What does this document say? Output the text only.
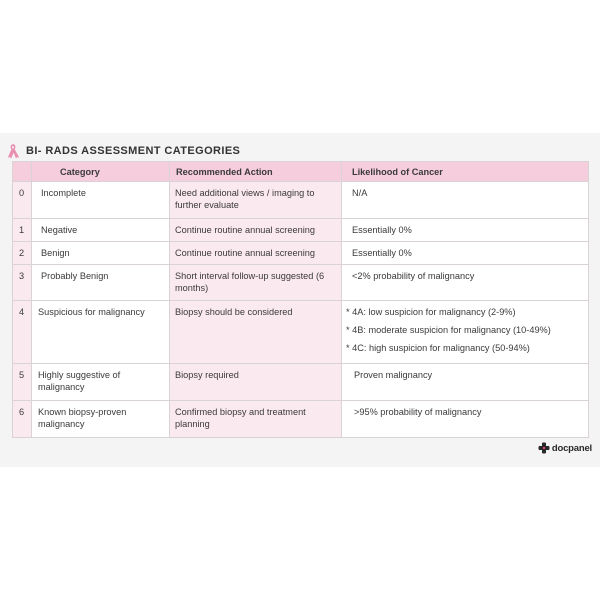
BI- RADS ASSESSMENT CATEGORIES
	Category	Recommended Action	Likelihood of Cancer

0	Incomplete	Need additional views / imaging to further evaluate	N/A

1	Negative	Continue routine annual screening	Essentially 0%

2	Benign	Continue routine annual screening	Essentially 0%

3	Probably Benign	Short interval follow-up suggested (6 months)	<2% probability of malignancy

4	Suspicious for malignancy	Biopsy should be considered	* 4A: low suspicion for malignancy (2-9%)
* 4B: moderate suspicion for malignancy (10-49%)
* 4C: high suspicion for malignancy (50-94%)

5	Highly suggestive of malignancy	Biopsy required	Proven malignancy

6	Known biopsy-proven malignancy	Confirmed biopsy and treatment planning	>95% probability of malignancy
docpanel
